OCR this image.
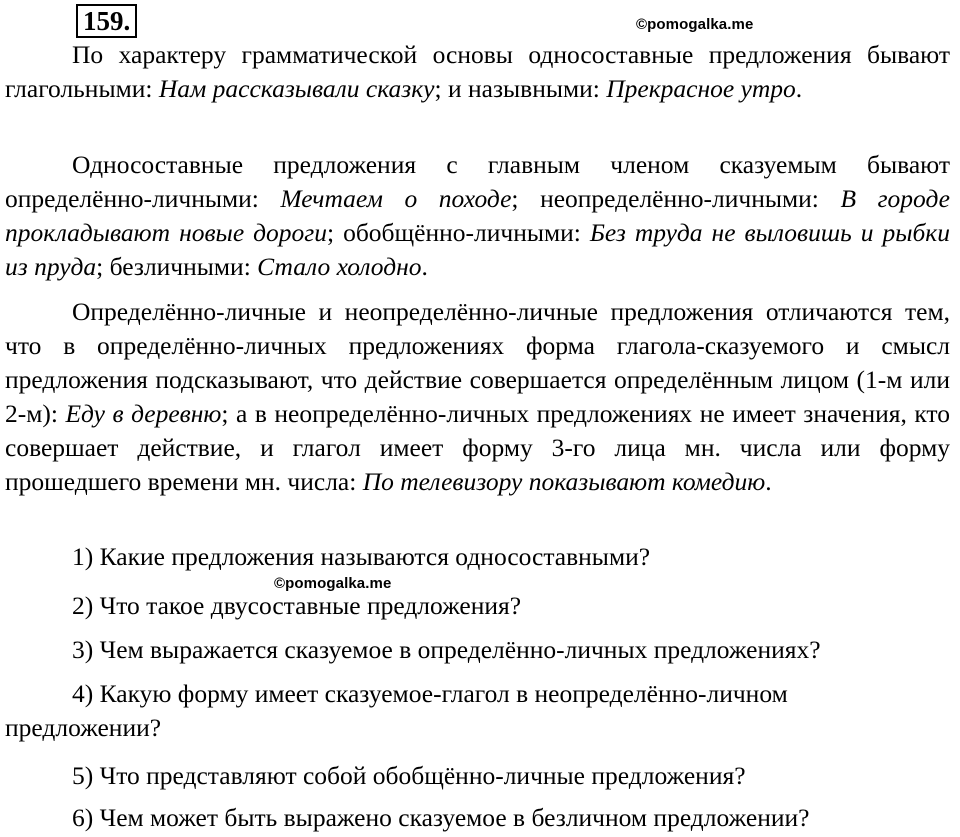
159.	©pomogalka.me

По характеру грамматической основы односоставные предложения бывают глагольными: Нам рассказывали сказку; и назывными: Прекрасное утро.

Односоставные предложения с главным членом сказуемым бывают определённо-личными: Мечтаем о походе; неопределённо-личными: В городе прокладывают новые дороги; обобщённо-личными: Без труда не выловишь и рыбки из пруда; безличными: Стало холодно.

Определённо-личные и неопределённо-личные предложения отличаются тем, что в определённо-личных предложениях форма глагола-сказуемого и смысл предложения подсказывают, что действие совершается определённым лицом (1-м или 2-м): Еду в деревню; а в неопределённо-личных предложениях не имеет значения, кто совершает действие, и глагол имеет форму 3-го лица мн. числа или форму прошедшего времени мн. числа: По телевизору показывают комедию.

1) Какие предложения называются односоставными?

©pomogalka.me

2) Что такое двусоставные предложения?

3) Чем выражается сказуемое в определённо-личных предложениях?

4) Какую форму имеет сказуемое-глагол в неопределённо-личном предложении?

5) Что представляют собой обобщённо-личные предложения?

6) Чем может быть выражено сказуемое в безличном предложении?
